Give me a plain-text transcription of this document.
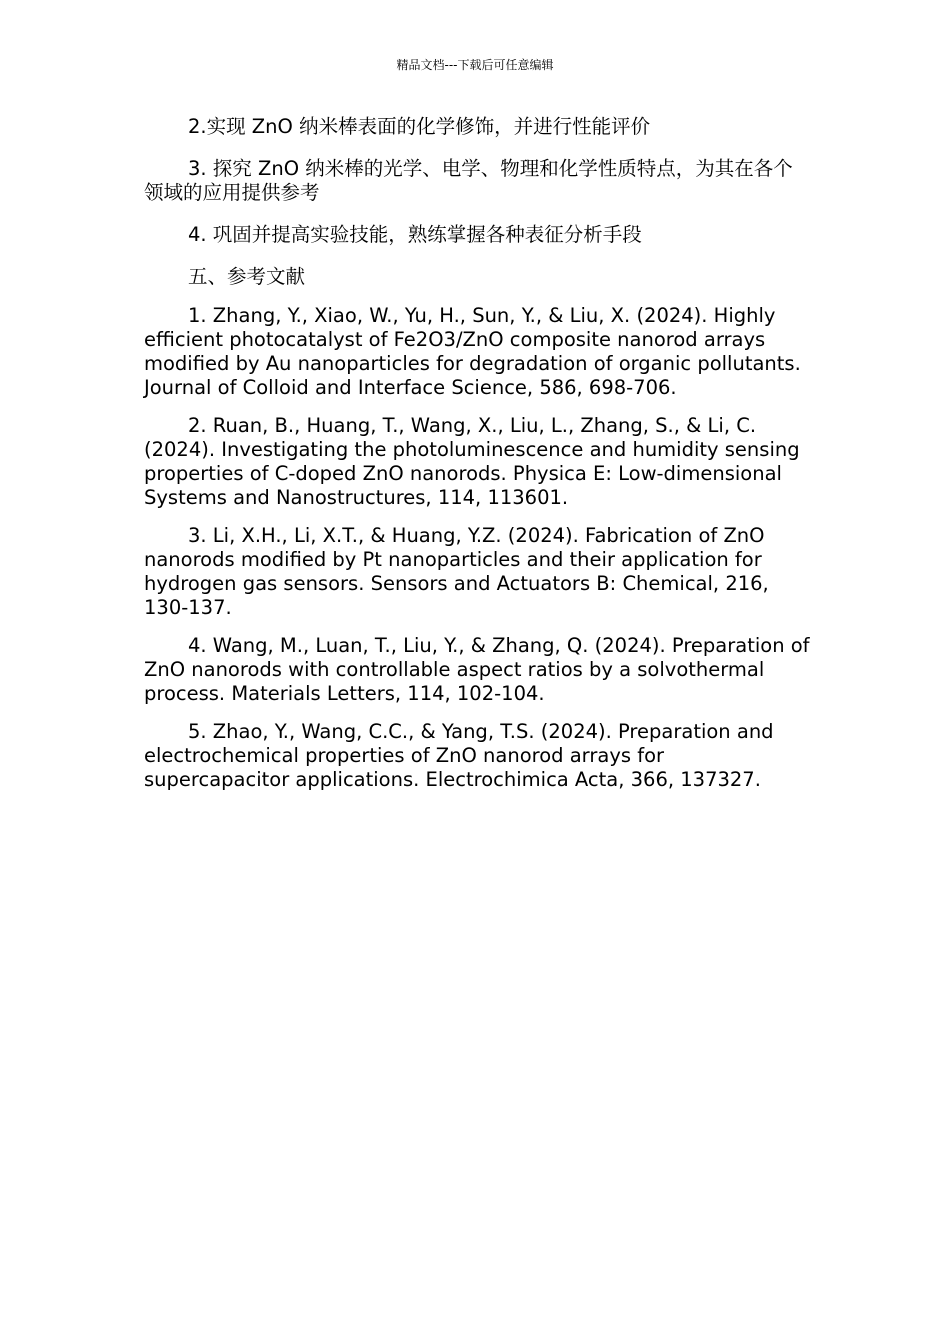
精品文档---下载后可任意编辑

2.实现 ZnO 纳米棒表面的化学修饰，并进行性能评价

3. 探究 ZnO 纳米棒的光学、电学、物理和化学性质特点，为其在各个领域的应用提供参考

4. 巩固并提高实验技能，熟练掌握各种表征分析手段

五、参考文献

1. Zhang, Y., Xiao, W., Yu, H., Sun, Y., & Liu, X. (2024). Highly efficient photocatalyst of Fe2O3/ZnO composite nanorod arrays modified by Au nanoparticles for degradation of organic pollutants. Journal of Colloid and Interface Science, 586, 698-706.

2. Ruan, B., Huang, T., Wang, X., Liu, L., Zhang, S., & Li, C. (2024). Investigating the photoluminescence and humidity sensing properties of C-doped ZnO nanorods. Physica E: Low-dimensional Systems and Nanostructures, 114, 113601.

3. Li, X.H., Li, X.T., & Huang, Y.Z. (2024). Fabrication of ZnO nanorods modified by Pt nanoparticles and their application for hydrogen gas sensors. Sensors and Actuators B: Chemical, 216, 130-137.

4. Wang, M., Luan, T., Liu, Y., & Zhang, Q. (2024). Preparation of ZnO nanorods with controllable aspect ratios by a solvothermal process. Materials Letters, 114, 102-104.

5. Zhao, Y., Wang, C.C., & Yang, T.S. (2024). Preparation and electrochemical properties of ZnO nanorod arrays for supercapacitor applications. Electrochimica Acta, 366, 137327.
